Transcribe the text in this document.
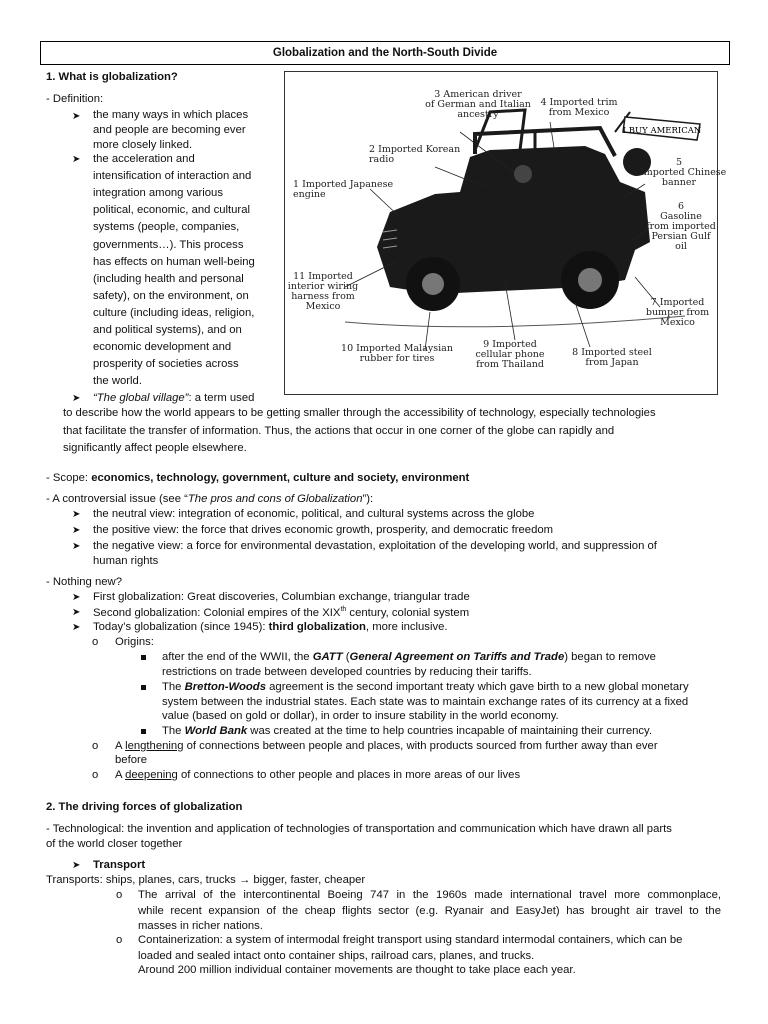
Globalization and the North-South Divide
1. What is globalization?
- Definition:
➤ the many ways in which places
and people are becoming ever
more closely linked.
➤ the acceleration and
intensification of interaction and
integration among various
political, economic, and cultural
systems (people, companies,
governments…). This process
has effects on human well-being
(including health and personal
safety), on the environment, on
culture (including ideas, religion,
and political systems), and on
economic development and
prosperity of societies across
the world.
➤ “The global village”: a term used
to describe how the world appears to be getting smaller through the accessibility of technology, especially technologies
that facilitate the transfer of information. Thus, the actions that occur in one corner of the globe can rapidly and
significantly affect people elsewhere.
I BUY AMERICAN
1 Imported Japanese
engine
2 Imported Korean
radio
3 American driver
of German and Italian
ancestry
4 Imported trim
from Mexico
5
Imported Chinese
banner
6
Gasoline
from imported
Persian Gulf
oil
7 Imported
bumper from
Mexico
8 Imported steel
from Japan
9 Imported
cellular phone
from Thailand
10 Imported Malaysian
rubber for tires
11 Imported
interior wiring
harness from
Mexico
- Scope: economics, technology, government, culture and society, environment
- A controversial issue (see “The pros and cons of Globalization”):
➤ the neutral view: integration of economic, political, and cultural systems across the globe
➤ the positive view: the force that drives economic growth, prosperity, and democratic freedom
➤ the negative view: a force for environmental devastation, exploitation of the developing world, and suppression of
human rights
- Nothing new?
➤ First globalization: Great discoveries, Columbian exchange, triangular trade
➤ Second globalization: Colonial empires of the XIXth century, colonial system
➤ Today’s globalization (since 1945): third globalization, more inclusive.
o Origins:
after the end of the WWII, the GATT (General Agreement on Tariffs and Trade) began to remove
restrictions on trade between developed countries by reducing their tariffs.
The Bretton-Woods agreement is the second important treaty which gave birth to a new global monetary
system between the industrial states. Each state was to maintain exchange rates of its currency at a fixed
value (based on gold or dollar), in order to insure stability in the world economy.
The World Bank was created at the time to help countries incapable of maintaining their currency.
o A lengthening of connections between people and places, with products sourced from further away than ever
before
o A deepening of connections to other people and places in more areas of our lives
2. The driving forces of globalization
- Technological: the invention and application of technologies of transportation and communication which have drawn all parts
of the world closer together
➤ Transport
Transports: ships, planes, cars, trucks → bigger, faster, cheaper
o The arrival of the intercontinental Boeing 747 in the 1960s made international travel more commonplace,
while recent expansion of the cheap flights sector (e.g. Ryanair and EasyJet) has brought air travel to the
masses in richer nations.
o Containerization: a system of intermodal freight transport using standard intermodal containers, which can be
loaded and sealed intact onto container ships, railroad cars, planes, and trucks.
Around 200 million individual container movements are thought to take place each year.
